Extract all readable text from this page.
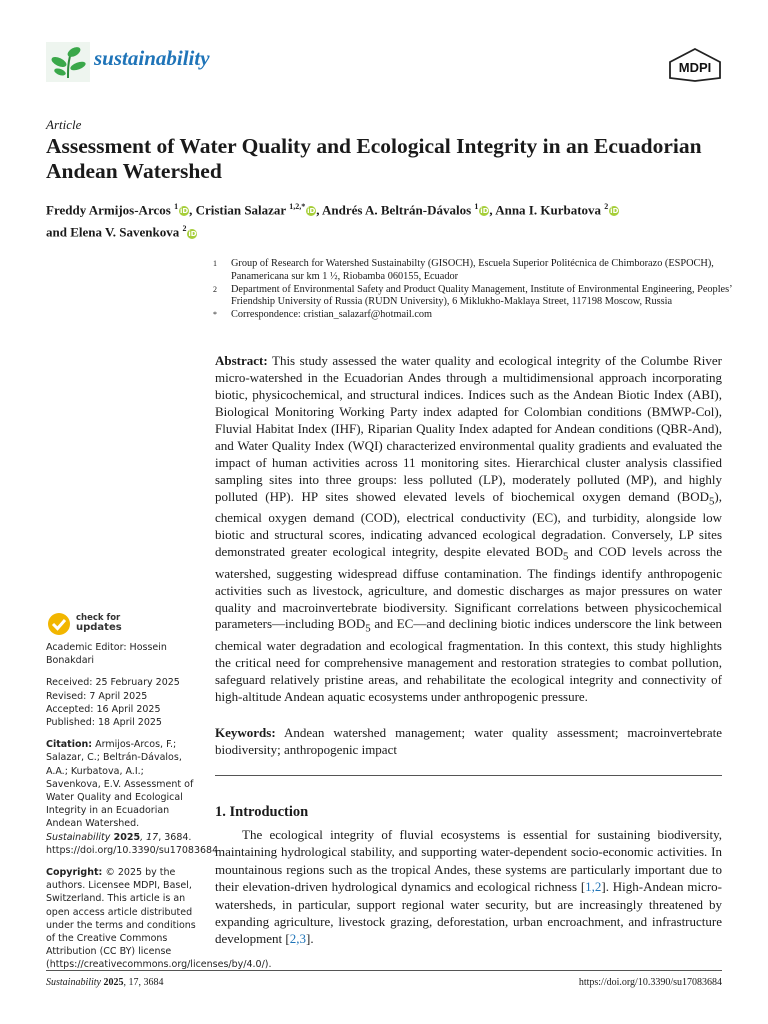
sustainability	MDPI
Article
Assessment of Water Quality and Ecological Integrity in an Ecuadorian Andean Watershed
Freddy Armijos-Arcos $^1$iD, Cristian Salazar $^{1,2,*}$iD, Andrés A. Beltrán-Dávalos $^1$iD, Anna I. Kurbatova $^2$iD
and Elena V. Savenkova $^2$iD
1	Group of Research for Watershed Sustainabilty (GISOCH), Escuela Superior Politécnica de Chimborazo (ESPOCH), Panamericana sur km 1 ½, Riobamba 060155, Ecuador
2	Department of Environmental Safety and Product Quality Management, Institute of Environmental Engineering, Peoples’ Friendship University of Russia (RUDN University), 6 Miklukho-Maklaya Street, 117198 Moscow, Russia
*	Correspondence: cristian_salazarf@hotmail.com
Abstract: This study assessed the water quality and ecological integrity of the Columbe River micro-watershed in the Ecuadorian Andes through a multidimensional approach incorporating biotic, physicochemical, and structural indices. Indices such as the Andean Biotic Index (ABI), Biological Monitoring Working Party index adapted for Colombian conditions (BMWP-Col), Fluvial Habitat Index (IHF), Riparian Quality Index adapted for Andean conditions (QBR-And), and Water Quality Index (WQI) characterized environmental quality gradients and evaluated the impact of human activities across 11 monitoring sites. Hierarchical cluster analysis classified sampling sites into three groups: less polluted (LP), moderately polluted (MP), and highly polluted (HP). HP sites showed elevated levels of biochemical oxygen demand $(BOD_5)$, chemical oxygen demand (COD), electrical conductivity (EC), and turbidity, alongside low biotic and structural scores, indicating advanced ecological degradation. Conversely, LP sites demonstrated greater ecological integrity, despite elevated $BOD_5$ and COD levels across the watershed, suggesting widespread diffuse contamination. The findings identify anthropogenic activities such as livestock, agriculture, and domestic discharges as major pressures on water quality and macroinvertebrate biodiversity. Significant correlations between physicochemical parameters—including $BOD_5$ and EC—and declining biotic indices underscore the link between chemical water degradation and ecological fragmentation. In this context, this study highlights the critical need for comprehensive management and restoration strategies to combat pollution, safeguard relatively pristine areas, and rehabilitate the ecological integrity and connectivity of high-altitude Andean aquatic ecosystems under anthropogenic pressure.
Keywords: Andean watershed management; water quality assessment; macroinvertebrate biodiversity; anthropogenic impact
1. Introduction
The ecological integrity of fluvial ecosystems is essential for sustaining biodiversity, maintaining hydrological stability, and supporting water-dependent socio-economic activities. In mountainous regions such as the tropical Andes, these systems are particularly important due to their elevation-driven hydrological dynamics and ecological richness [1,2]. High-Andean micro-watersheds, in particular, support regional water security, but are increasingly threatened by expanding agriculture, livestock grazing, deforestation, urban encroachment, and infrastructure development [2,3].
check for
updates

Academic Editor: Hossein Bonakdari

Received: 25 February 2025

Revised: 7 April 2025

Accepted: 16 April 2025

Published: 18 April 2025

Citation: Armijos-Arcos, F.; Salazar, C.; Beltrán-Dávalos, A.A.; Kurbatova, A.I.; Savenkova, E.V. Assessment of Water Quality and Ecological Integrity in an Ecuadorian Andean Watershed. Sustainability 2025, 17, 3684. https://doi.org/10.3390/su17083684

Copyright: © 2025 by the authors. Licensee MDPI, Basel, Switzerland. This article is an open access article distributed under the terms and conditions of the Creative Commons Attribution (CC BY) license (https://creativecommons.org/licenses/by/4.0/).

Sustainability 2025, 17, 3684	https://doi.org/10.3390/su17083684
